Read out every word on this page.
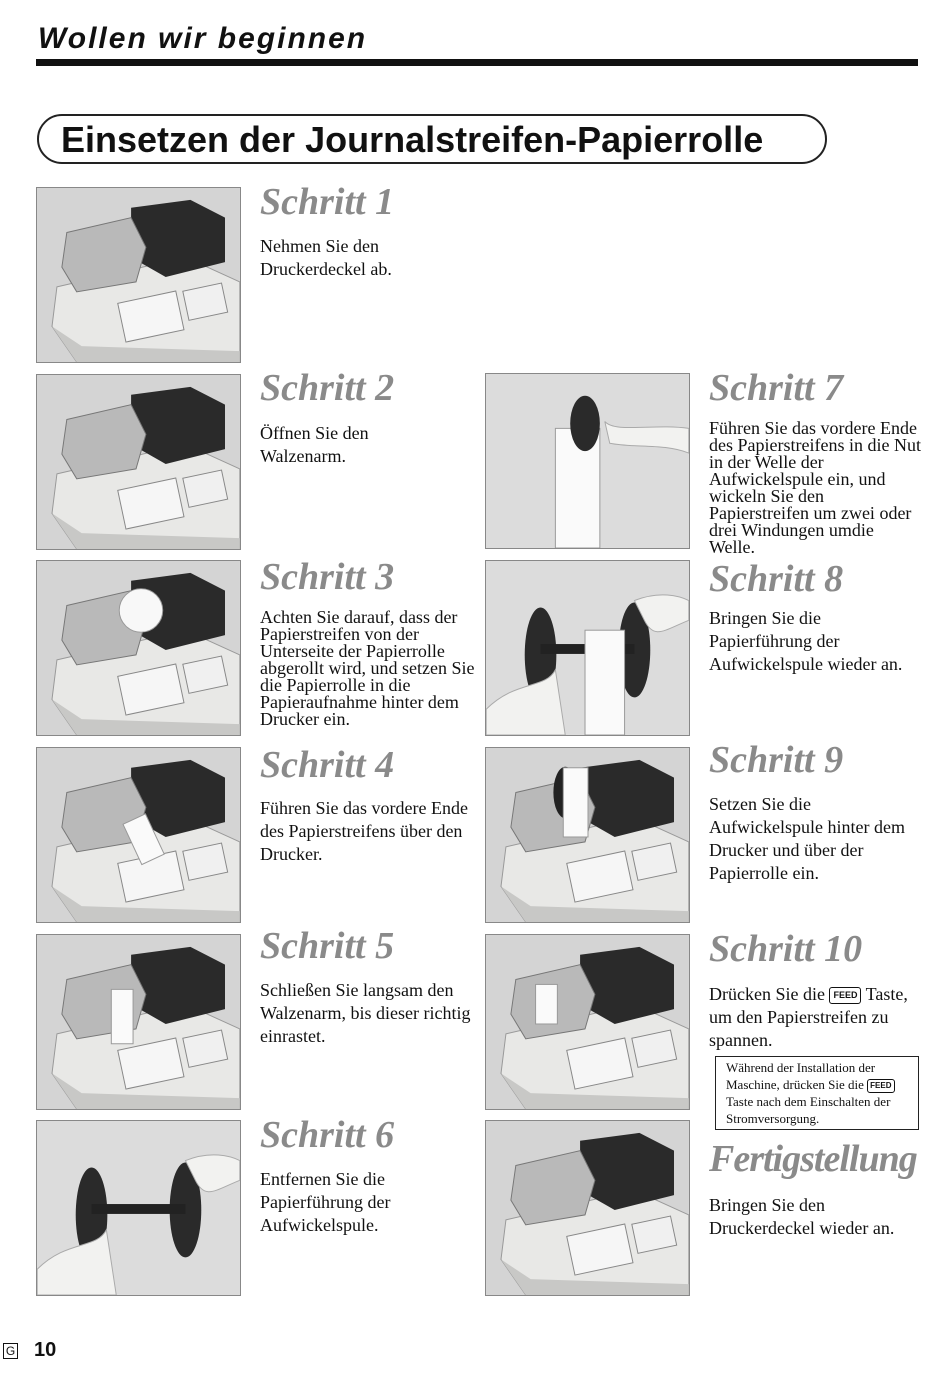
Wollen wir beginnen
Einsetzen der Journalstreifen-Papierrolle
Schritt 1
Nehmen Sie den Druckerdeckel ab.
Schritt 2
Öffnen Sie den Walzenarm.
Schritt 3
Achten Sie darauf, dass der Papierstreifen von der Unterseite der Papierrolle abgerollt wird, und setzen Sie die Papierrolle in die Papieraufnahme hinter dem Drucker ein.
Schritt 4
Führen Sie das vordere Ende des Papierstreifens über den Drucker.
Schritt 5
Schließen Sie langsam den Walzenarm, bis dieser richtig einrastet.
Schritt 6
Entfernen Sie die Papierführung der Aufwickelspule.
Schritt 7
Führen Sie das vordere Ende des Papierstreifens in die Nut in der Welle der Aufwickelspule ein, und wickeln Sie den Papierstreifen um zwei oder drei Windungen umdie Welle.
Schritt 8
Bringen Sie die Papierführung der Aufwickelspule wieder an.
Schritt 9
Setzen Sie die Aufwickelspule hinter dem Drucker und über der Papierrolle ein.
Schritt 10
Drücken Sie die FEED Taste, um den Papierstreifen zu spannen.
Während der Installation der Maschine, drücken Sie die FEED Taste nach dem Einschalten der Stromversorgung.
Fertigstellung
Bringen Sie den Druckerdeckel wieder an.
G 10
